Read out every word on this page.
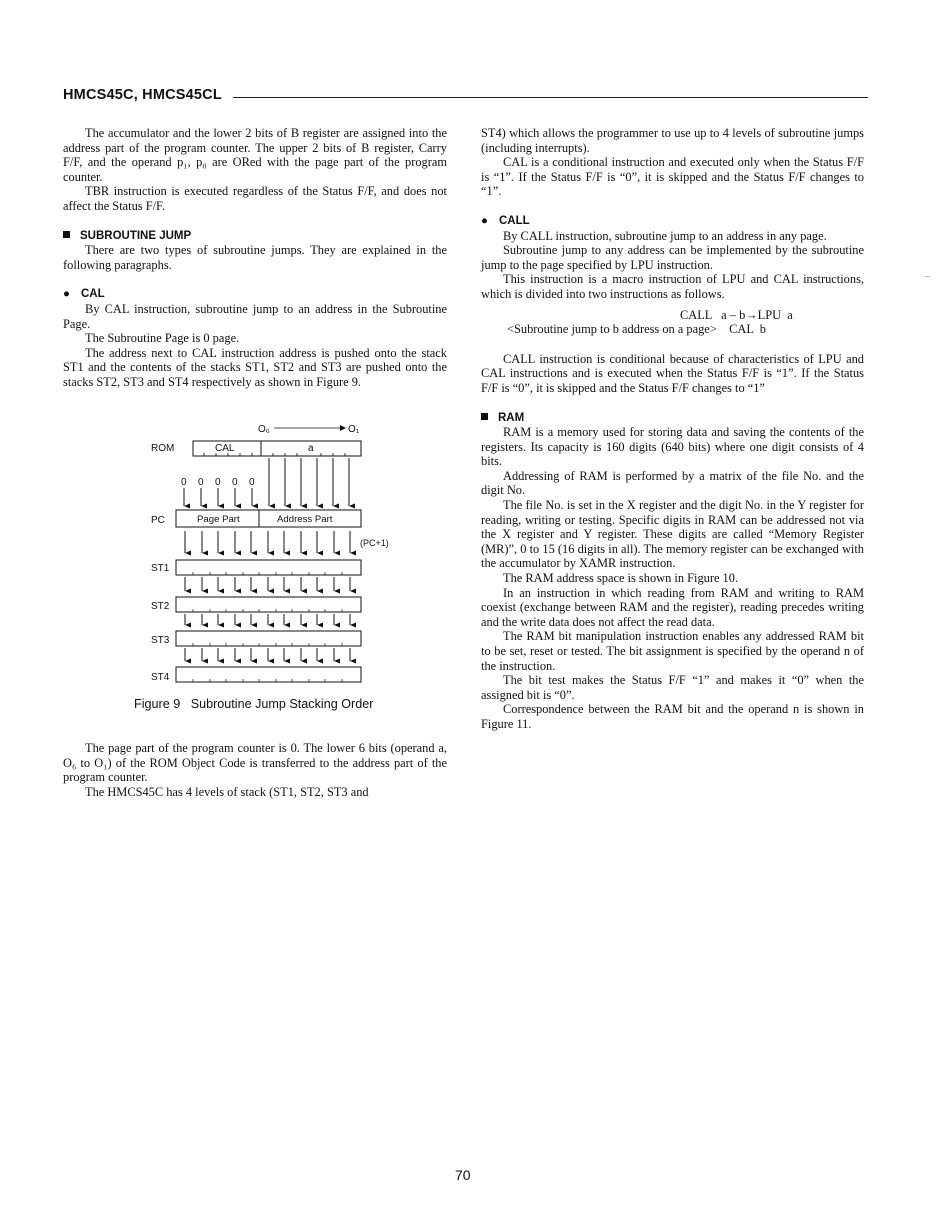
HMCS45C, HMCS45CL

The accumulator and the lower 2 bits of B register are assigned into the address part of the program counter. The upper 2 bits of B register, Carry F/F, and the operand p₁, p₀ are ORed with the page part of the program counter.

TBR instruction is executed regardless of the Status F/F, and does not affect the Status F/F.

SUBROUTINE JUMP

There are two types of subroutine jumps. They are explained in the following paragraphs.

● CAL

By CAL instruction, subroutine jump to an address in the Subroutine Page.

The Subroutine Page is 0 page.

The address next to CAL instruction address is pushed onto the stack ST1 and the contents of the stacks ST1, ST2 and ST3 are pushed onto the stacks ST2, ST3 and ST4 respectively as shown in Figure 9.

O₆	O₁
ROM	CAL	a
0 0 0 0 0
PC	Page Part	Address Part
(PC+1)
ST1
ST2
ST3
ST4
Figure 9   Subroutine Jump Stacking Order

The page part of the program counter is 0. The lower 6 bits (operand a, O₆ to O₁) of the ROM Object Code is transferred to the address part of the program counter.

The HMCS45C has 4 levels of stack (ST1, ST2, ST3 and

ST4) which allows the programmer to use up to 4 levels of subroutine jumps (including interrupts).

CAL is a conditional instruction and executed only when the Status F/F is “1”. If the Status F/F is “0”, it is skipped and the Status F/F changes to “1”.

● CALL

By CALL instruction, subroutine jump to an address in any page.

Subroutine jump to any address can be implemented by the subroutine jump to the page specified by LPU instruction.

This instruction is a macro instruction of LPU and CAL instructions, which is divided into two instructions as follows.

CALL   a – b→LPU  a

<Subroutine jump to b address on a page>    CAL  b

CALL instruction is conditional because of characteristics of LPU and CAL instructions and is executed when the Status F/F is “1”. If the Status F/F is “0”, it is skipped and the Status F/F changes to “1”

RAM

RAM is a memory used for storing data and saving the contents of the registers. Its capacity is 160 digits (640 bits) where one digit consists of 4 bits.

Addressing of RAM is performed by a matrix of the file No. and the digit No.

The file No. is set in the X register and the digit No. in the Y register for reading, writing or testing. Specific digits in RAM can be addressed not via the X register and Y register. These digits are called “Memory Register (MR)”, 0 to 15 (16 digits in all). The memory register can be exchanged with the accumulator by XAMR instruction.

The RAM address space is shown in Figure 10.

In an instruction in which reading from RAM and writing to RAM coexist (exchange between RAM and the register), reading precedes writing and the write data does not affect the read data.

The RAM bit manipulation instruction enables any addressed RAM bit to be set, reset or tested. The bit assignment is specified by the operand n of the instruction.

The bit test makes the Status F/F “1” and makes it “0” when the assigned bit is “0”.

Correspondence between the RAM bit and the operand n is shown in Figure 11.

–
70
